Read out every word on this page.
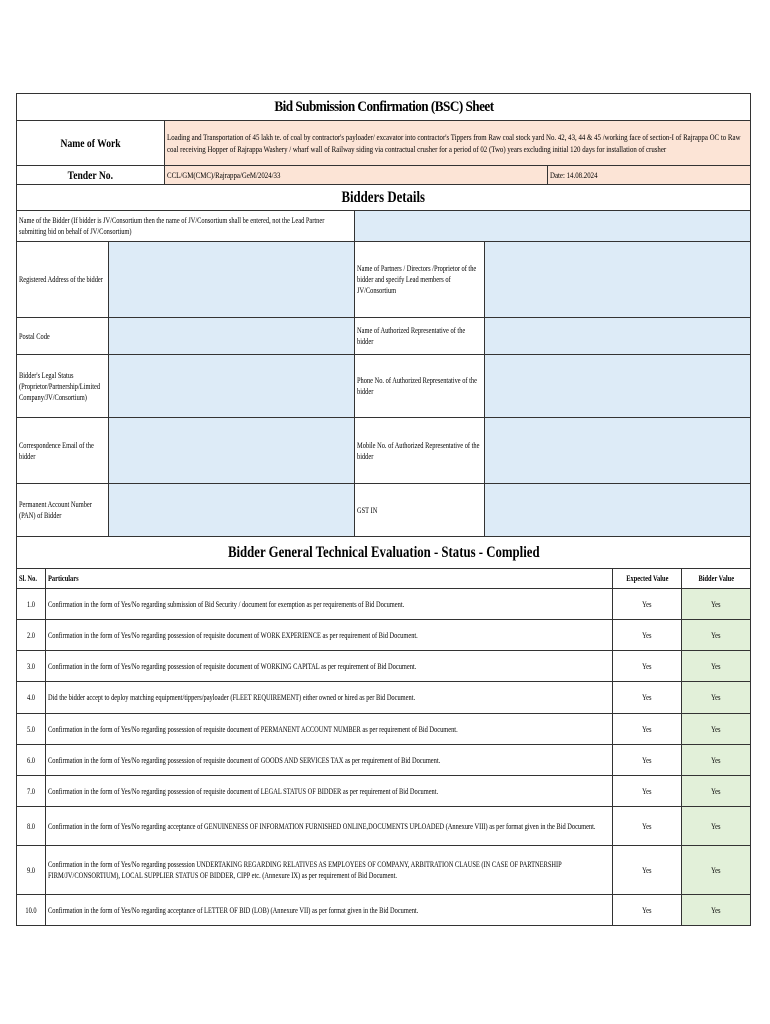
Bid Submission Confirmation (BSC) Sheet		
Name of Work	Loading and Transportation of 45 lakh te. of coal by contractor's payloader/ excavator into contractor's Tippers from Raw coal stock yard No. 42, 43, 44 & 45 /working face of section-I of Rajrappa OC to Raw coal receiving Hopper of Rajrappa Washery / wharf wall of Railway siding via contractual crusher for a period of 02 (Two) years excluding initial 120 days for installation of crusher	

Tender No.	CCL/GM(CMC)/Rajrappa/GeM/2024/33	Date: 14.08.2024
Bidders Details		
Name of the Bidder (If bidder is JV/Consortium then the name of JV/Consortium shall be entered, not the Lead Partner submitting bid on behalf of JV/Consortium)			

Registered Address of the bidder		Name of Partners / Directors /Proprietor of the bidder and specify Lead members of JV/Consortium	

Postal Code		Name of Authorized Representative of the bidder	

Bidder's Legal Status (Proprietor/Partnership/Limited Company/JV/Consortium)		Phone No. of Authorized Representative of the bidder	

Correspondence Email of the bidder		Mobile No. of Authorized Representative of the bidder	

Permanent Account Number (PAN) of Bidder		GST IN	

Bidder General Technical Evaluation - Status - Complied			
Sl. No.	Particulars	Expected Value	Bidder Value
1.0	Confirmation in the form of Yes/No regarding submission of Bid Security / document for exemption as per requirements of Bid Document.	Yes	Yes
2.0	Confirmation in the form of Yes/No regarding possession of requisite document of WORK EXPERIENCE as per requirement of Bid Document.	Yes	Yes
3.0	Confirmation in the form of Yes/No regarding possession of requisite document of WORKING CAPITAL as per requirement of Bid Document.	Yes	Yes
4.0	Did the bidder accept to deploy matching equipment/tippers/payloader (FLEET REQUIREMENT) either owned or hired as per Bid Document.	Yes	Yes
5.0	Confirmation in the form of Yes/No regarding possession of requisite document of PERMANENT ACCOUNT NUMBER as per requirement of Bid Document.	Yes	Yes
6.0	Confirmation in the form of Yes/No regarding possession of requisite document of GOODS AND SERVICES TAX as per requirement of Bid Document.	Yes	Yes
7.0	Confirmation in the form of Yes/No regarding possession of requisite document of LEGAL STATUS OF BIDDER as per requirement of Bid Document.	Yes	Yes
8.0	Confirmation in the form of Yes/No regarding acceptance of GENUINENESS OF INFORMATION FURNISHED ONLINE,DOCUMENTS UPLOADED (Annexure VIII) as per format given in the Bid Document.	Yes	Yes
9.0	Confirmation in the form of Yes/No regarding possession UNDERTAKING REGARDING RELATIVES AS EMPLOYEES OF COMPANY, ARBITRATION CLAUSE (IN CASE OF PARTNERSHIP FIRM/JV/CONSORTIUM), LOCAL SUPPLIER STATUS OF BIDDER, CIPP etc. (Annexure IX) as per requirement of Bid Document.	Yes	Yes
10.0	Confirmation in the form of Yes/No regarding acceptance of LETTER OF BID (LOB) (Annexure VII) as per format given in the Bid Document.	Yes	Yes
